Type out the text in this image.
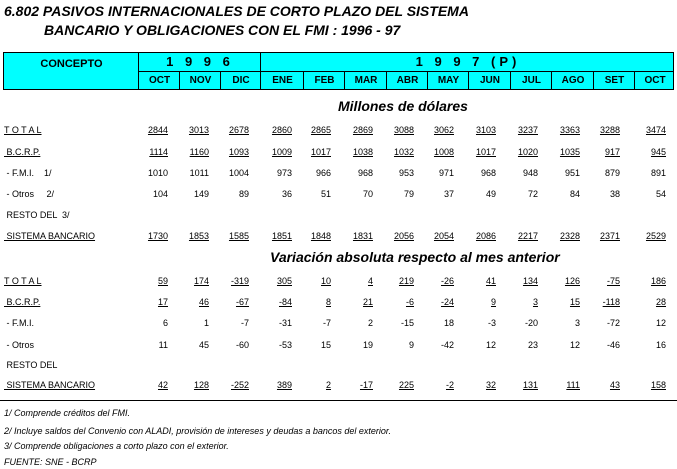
6.802 PASIVOS INTERNACIONALES DE CORTO PLAZO DEL SISTEMA
BANCARIO Y OBLIGACIONES CON EL FMI : 1996 - 97
CONCEPTO	1 9 9 6	1 9 9 7 (P)
OCT	NOV	DIC	ENE	FEB	MAR	ABR	MAY	JUN	JUL	AGO	SET	OCT
Millones de dólares
T O T A L	2844	3013	2678	2860	2865	2869	3088	3062	3103	3237	3363	3288	3474
B.C.R.P.	1114	1160	1093	1009	1017	1038	1032	1008	1017	1020	1035	917	945
- F.M.I.    1/	1010	1011	1004	973	966	968	953	971	968	948	951	879	891
- Otros     2/	104	149	89	36	51	70	79	37	49	72	84	38	54
RESTO DEL  3/
SISTEMA BANCARIO	1730	1853	1585	1851	1848	1831	2056	2054	2086	2217	2328	2371	2529
Variación absoluta respecto al mes anterior
T O T A L	59	174	-319	305	10	4	219	-26	41	134	126	-75	186
B.C.R.P.	17	46	-67	-84	8	21	-6	-24	9	3	15	-118	28
- F.M.I.	6	1	-7	-31	-7	2	-15	18	-3	-20	3	-72	12
- Otros	11	45	-60	-53	15	19	9	-42	12	23	12	-46	16
RESTO DEL
SISTEMA BANCARIO	42	128	-252	389	2	-17	225	-2	32	131	111	43	158
1/ Comprende créditos del FMI.
2/ Incluye saldos del Convenio con ALADI, provisión de intereses y deudas a bancos del exterior.
3/ Comprende obligaciones a corto plazo con el exterior.
FUENTE: SNE - BCRP
